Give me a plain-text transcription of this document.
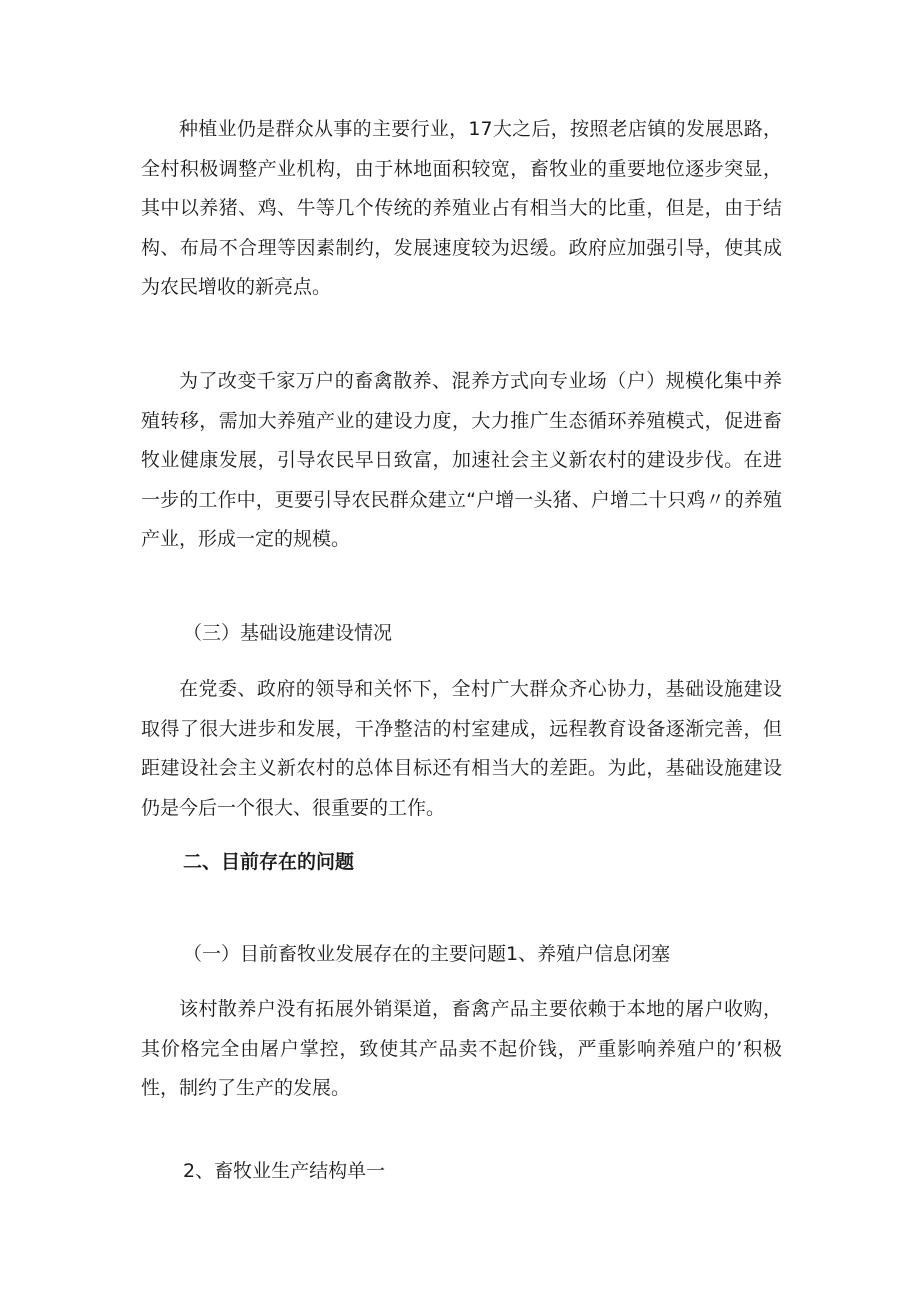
种植业仍是群众从事的主要行业，17大之后，按照老店镇的发展思路，全村积极调整产业机构，由于林地面积较宽，畜牧业的重要地位逐步突显，其中以养猪、鸡、牛等几个传统的养殖业占有相当大的比重，但是，由于结构、布局不合理等因素制约，发展速度较为迟缓。政府应加强引导，使其成为农民增收的新亮点。

为了改变千家万户的畜禽散养、混养方式向专业场（户）规模化集中养殖转移，需加大养殖产业的建设力度，大力推广生态循环养殖模式，促进畜牧业健康发展，引导农民早日致富，加速社会主义新农村的建设步伐。在进一步的工作中，更要引导农民群众建立“户增一头猪、户增二十只鸡〃的养殖产业，形成一定的规模。

（三）基础设施建设情况

在党委、政府的领导和关怀下，全村广大群众齐心协力，基础设施建设取得了很大进步和发展，干净整洁的村室建成，远程教育设备逐渐完善，但距建设社会主义新农村的总体目标还有相当大的差距。为此，基础设施建设仍是今后一个很大、很重要的工作。

二、目前存在的问题

（一）目前畜牧业发展存在的主要问题1、养殖户信息闭塞

该村散养户没有拓展外销渠道，畜禽产品主要依赖于本地的屠户收购，其价格完全由屠户掌控，致使其产品卖不起价钱，严重影响养殖户的’积极性，制约了生产的发展。

2、畜牧业生产结构单一
